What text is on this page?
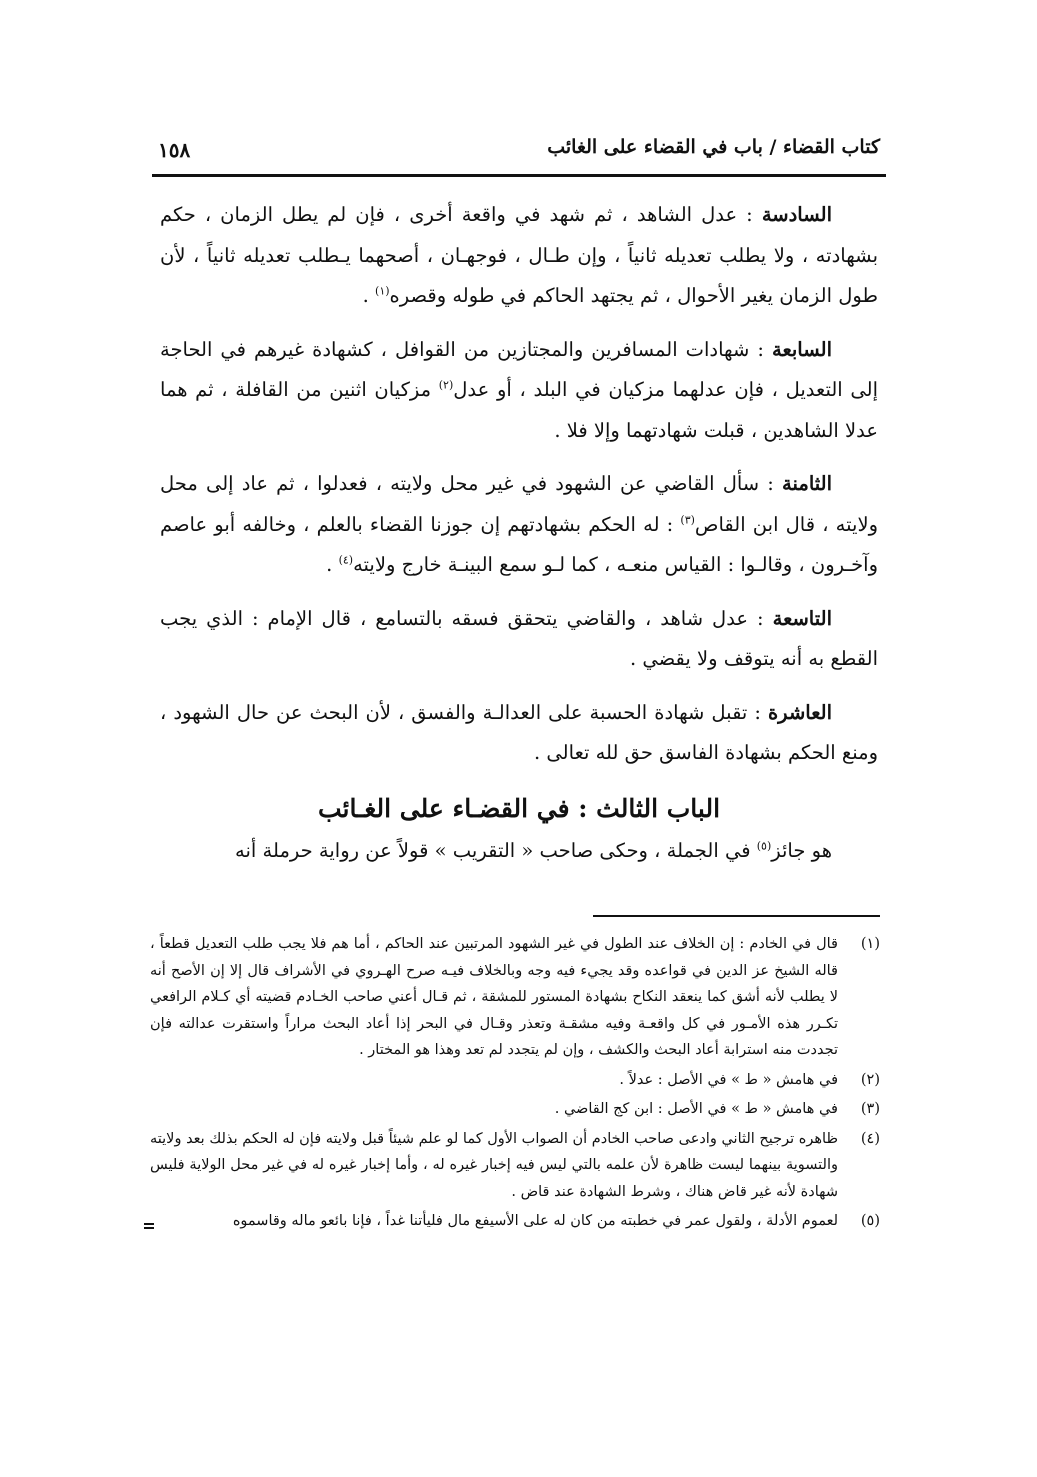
كتاب القضاء / باب في القضاء على الغائب
١٥٨

السادسة : عدل الشاهد ، ثم شهد في واقعة أخرى ، فإن لم يطل الزمان ، حكم بشهادته ، ولا يطلب تعديله ثانياً ، وإن طـال ، فوجهـان ، أصحهما يـطلب تعديله ثانياً ، لأن طول الزمان يغير الأحوال ، ثم يجتهد الحاكم في طوله وقصره$^{(١)}$ .

السابعة : شهادات المسافرين والمجتازين من القوافل ، كشهادة غيرهم في الحاجة إلى التعديل ، فإن عدلهما مزكيان في البلد ، أو عدل$^{(٢)}$ مزكيان اثنين من القافلة ، ثم هما عدلا الشاهدين ، قبلت شهادتهما وإلا فلا .

الثامنة : سأل القاضي عن الشهود في غير محل ولايته ، فعدلوا ، ثم عاد إلى محل ولايته ، قال ابن القاص$^{(٣)}$ : له الحكم بشهادتهم إن جوزنا القضاء بالعلم ، وخالفه أبو عاصم وآخـرون ، وقالـوا : القياس منعـه ، كما لـو سمع البينـة خارج ولايته$^{(٤)}$ .

التاسعة : عدل شاهد ، والقاضي يتحقق فسقه بالتسامع ، قال الإمام : الذي يجب القطع به أنه يتوقف ولا يقضي .

العاشرة : تقبل شهادة الحسبة على العدالـة والفسق ، لأن البحث عن حال الشهود ، ومنع الحكم بشهادة الفاسق حق لله تعالى .

الباب الثالث : في القضـاء على الغـائب

هو جائز$^{(٥)}$ في الجملة ، وحكى صاحب « التقريب » قولاً عن رواية حرملة أنه

(١)
قال في الخادم : إن الخلاف عند الطول في غير الشهود المرتبين عند الحاكم ، أما هم فلا يجب طلب التعديل قطعاً ، قاله الشيخ عز الدين في قواعده وقد يجيء فيه وجه وبالخلاف فيـه صرح الهـروي في الأشراف قال إلا إن الأصح أنه لا يطلب لأنه أشق كما ينعقد النكاح بشهادة المستور للمشقة ، ثم قـال أعني صاحب الخـادم قضيته أي كـلام الرافعي تكـرر هذه الأمـور في كل واقعـة وفيه مشقـة وتعذر وقـال في البحر إذا أعاد البحث مراراً واستقرت عدالته فإن تجددت منه استرابة أعاد البحث والكشف ، وإن لم يتجدد لم تعد وهذا هو المختار .
(٢)
في هامش « ط » في الأصل : عدلاً .
(٣)
في هامش « ط » في الأصل : ابن كج القاضي .
(٤)
ظاهره ترجيح الثاني وادعى صاحب الخادم أن الصواب الأول كما لو علم شيئاً قبل ولايته فإن له الحكم بذلك بعد ولايته والتسوية بينهما ليست ظاهرة لأن علمه بالتي ليس فيه إخبار غيره له ، وأما إخبار غيره له في غير محل الولاية فليس شهادة لأنه غير قاض هناك ، وشرط الشهادة عند قاض .
(٥)
لعموم الأدلة ، ولقول عمر في خطبته من كان له على الأسيفع مال فليأتنا غداً ، فإنا بائعو ماله وقاسموه
